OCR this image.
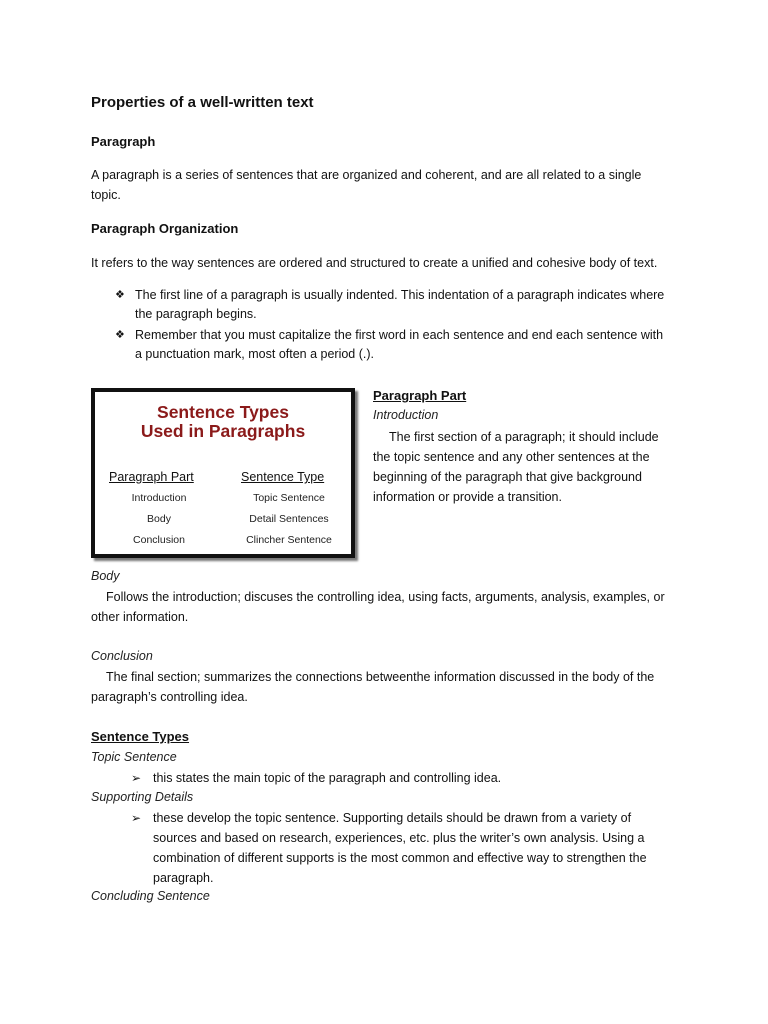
Properties of a well-written text

Paragraph

A paragraph is a series of sentences that are organized and coherent, and are all related to a single

topic.

Paragraph Organization

It refers to the way sentences are ordered and structured to create a unified and cohesive body of text.

❖ The first line of a paragraph is usually indented. This indentation of a paragraph indicates where
the paragraph begins.
❖ Remember that you must capitalize the first word in each sentence and end each sentence with
a punctuation mark, most often a period (.).
Sentence Types
Used in Paragraphs
Paragraph Part	Sentence Type
Introduction	Topic Sentence
Body	Detail Sentences
Conclusion	Clincher Sentence

Paragraph Part

Introduction

The first section of a paragraph; it should include

the topic sentence and any other sentences at the

beginning of the paragraph that give background

information or provide a transition.

Body

Follows the introduction; discuses the controlling idea, using facts, arguments, analysis, examples, or

other information.

Conclusion

The final section; summarizes the connections betweenthe information discussed in the body of the

paragraph’s controlling idea.

Sentence Types

Topic Sentence

➢ this states the main topic of the paragraph and controlling idea.

Supporting Details

➢ these develop the topic sentence. Supporting details should be drawn from a variety of
sources and based on research, experiences, etc. plus the writer’s own analysis. Using a
combination of different supports is the most common and effective way to strengthen the
paragraph.

Concluding Sentence
